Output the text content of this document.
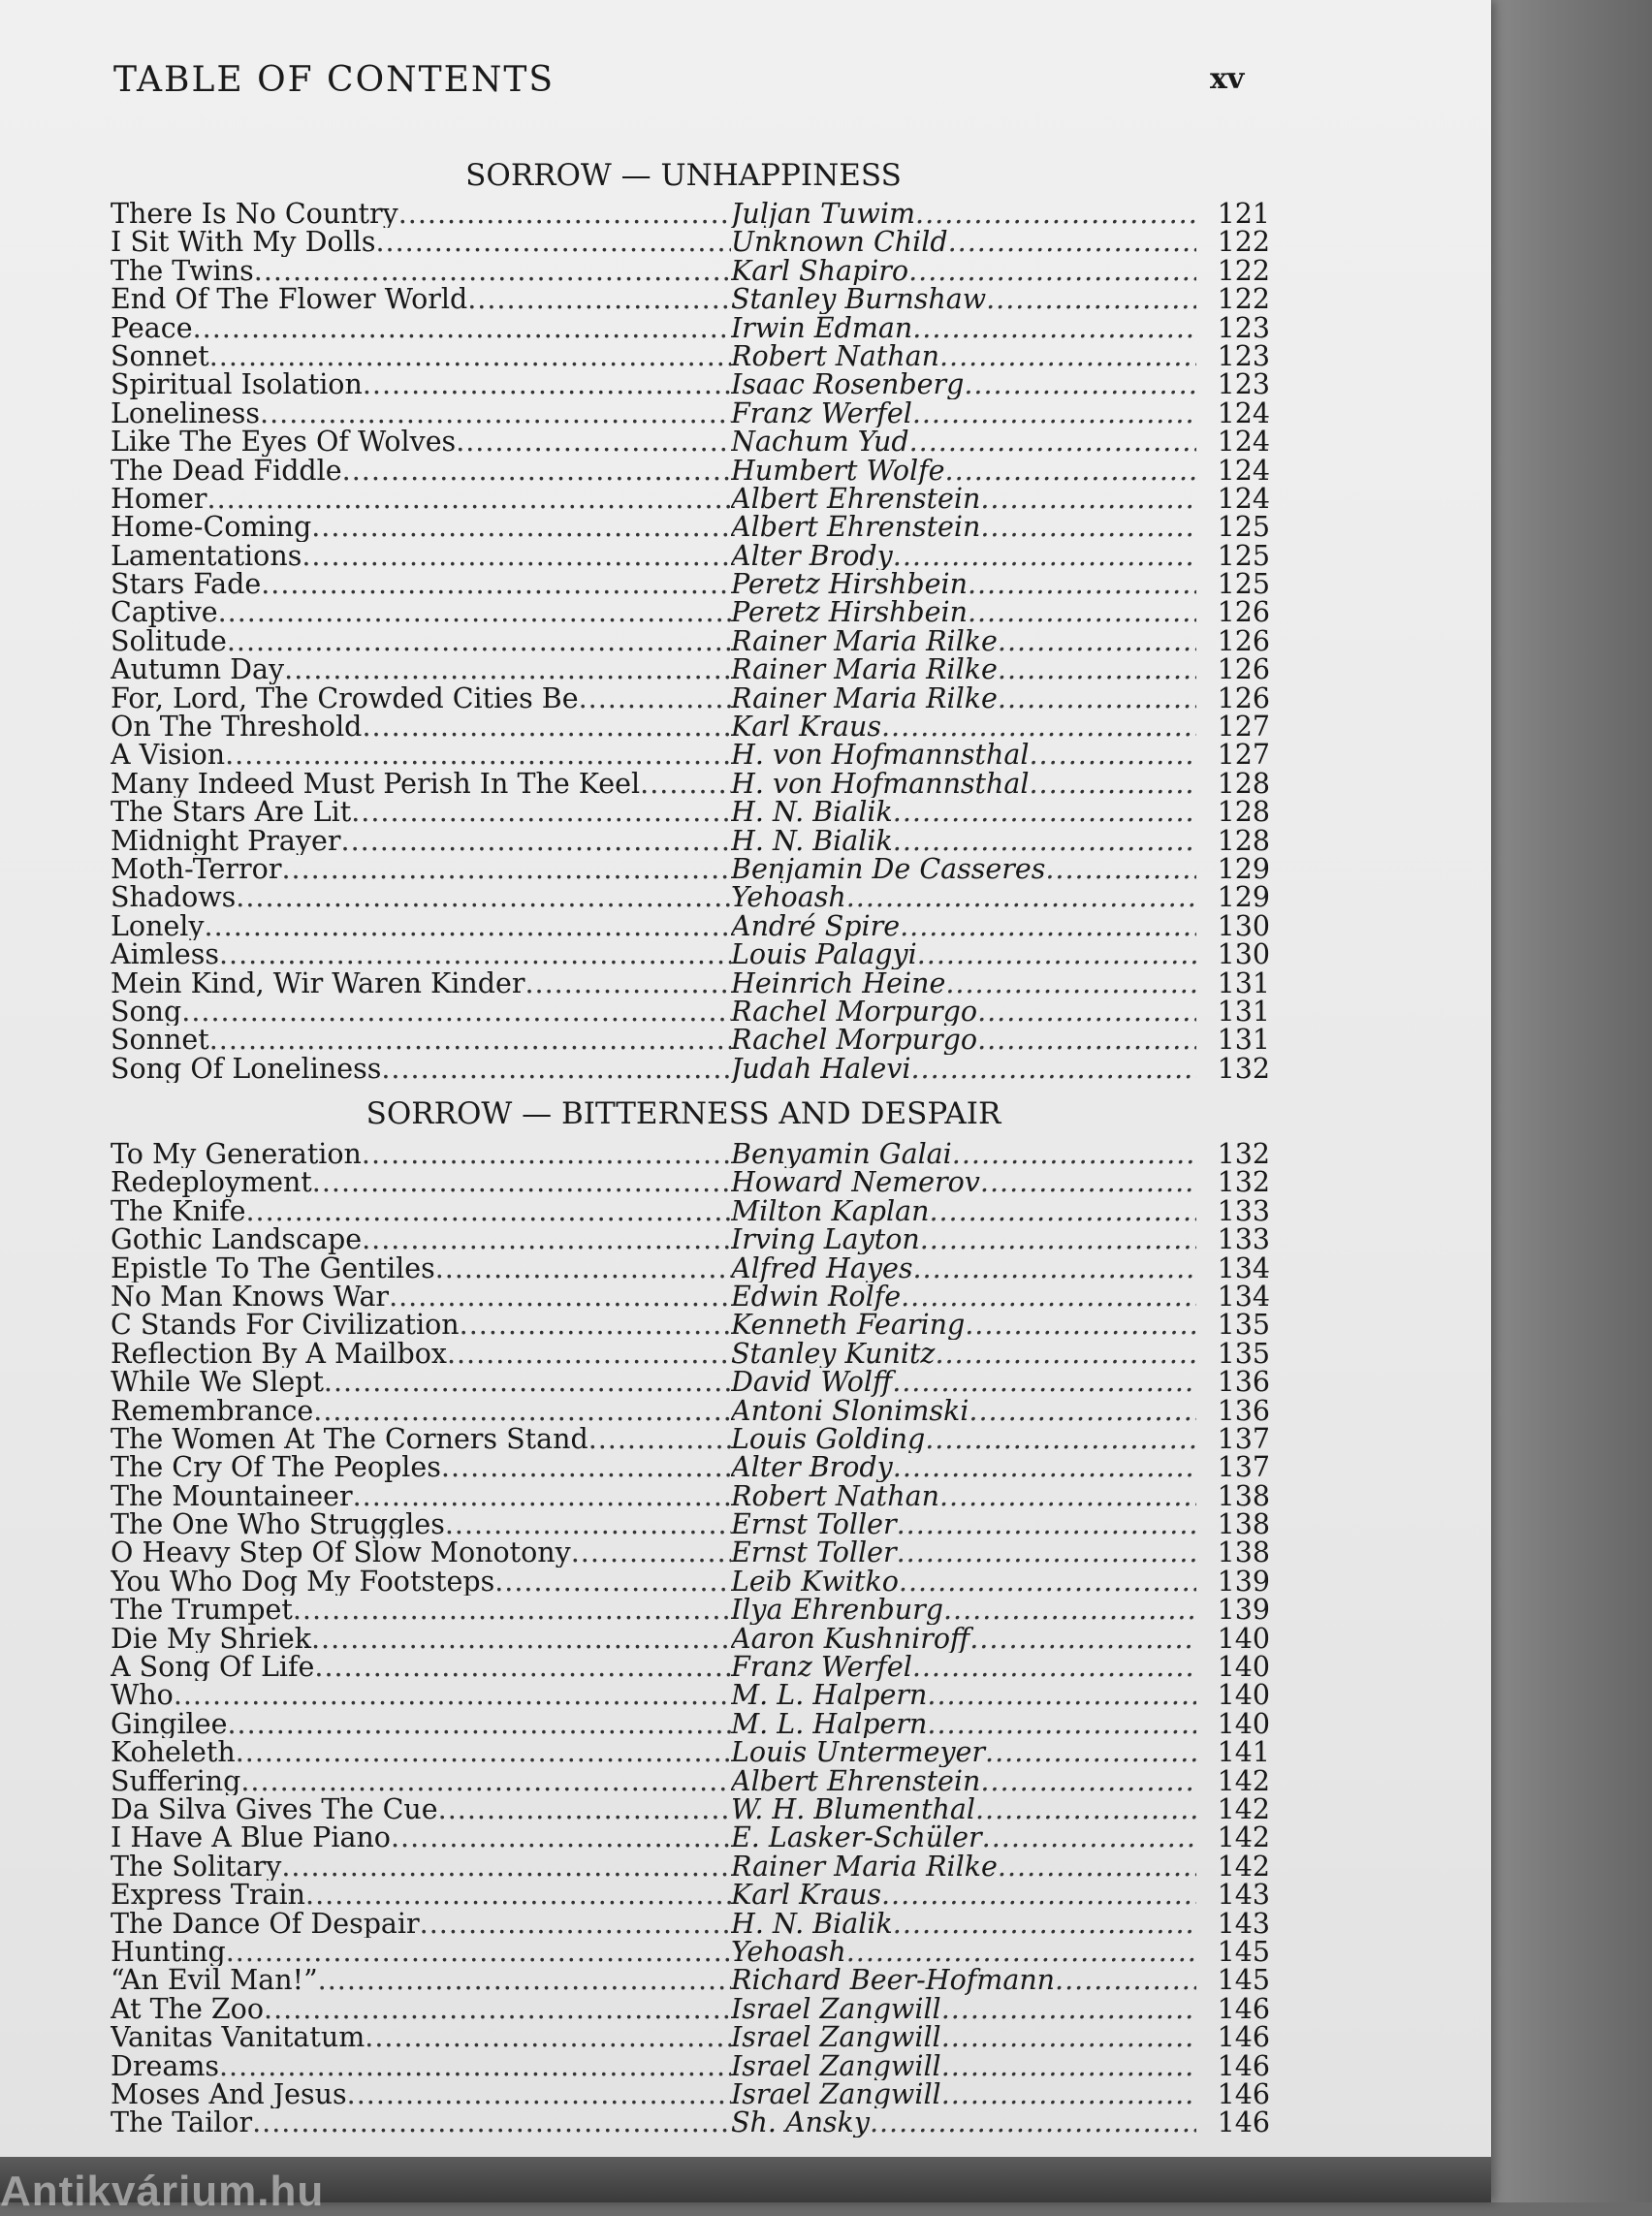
TABLE OF CONTENTS	xv
SORROW — UNHAPPINESS
There Is No Country .....	Juljan Tuwim .....	121
I Sit With My Dolls .....	Unknown Child .....	122
The Twins .....	Karl Shapiro .....	122
End Of The Flower World .....	Stanley Burnshaw .....	122
Peace .....	Irwin Edman .....	123
Sonnet .....	Robert Nathan .....	123
Spiritual Isolation .....	Isaac Rosenberg .....	123
Loneliness .....	Franz Werfel .....	124
Like The Eyes Of Wolves .....	Nachum Yud .....	124
The Dead Fiddle .....	Humbert Wolfe .....	124
Homer .....	Albert Ehrenstein .....	124
Home-Coming .....	Albert Ehrenstein .....	125
Lamentations .....	Alter Brody .....	125
Stars Fade .....	Peretz Hirshbein .....	125
Captive .....	Peretz Hirshbein .....	126
Solitude .....	Rainer Maria Rilke .....	126
Autumn Day .....	Rainer Maria Rilke .....	126
For, Lord, The Crowded Cities Be .....	Rainer Maria Rilke .....	126
On The Threshold .....	Karl Kraus .....	127
A Vision .....	H. von Hofmannsthal .....	127
Many Indeed Must Perish In The Keel .....	H. von Hofmannsthal .....	128
The Stars Are Lit .....	H. N. Bialik .....	128
Midnight Prayer .....	H. N. Bialik .....	128
Moth-Terror .....	Benjamin De Casseres .....	129
Shadows .....	Yehoash .....	129
Lonely .....	André Spire .....	130
Aimless .....	Louis Palagyi .....	130
Mein Kind, Wir Waren Kinder .....	Heinrich Heine .....	131
Song .....	Rachel Morpurgo .....	131
Sonnet .....	Rachel Morpurgo .....	131
Song Of Loneliness .....	Judah Halevi .....	132
SORROW — BITTERNESS AND DESPAIR
To My Generation .....	Benyamin Galai .....	132
Redeployment .....	Howard Nemerov .....	132
The Knife .....	Milton Kaplan .....	133
Gothic Landscape .....	Irving Layton .....	133
Epistle To The Gentiles .....	Alfred Hayes .....	134
No Man Knows War .....	Edwin Rolfe .....	134
C Stands For Civilization .....	Kenneth Fearing .....	135
Reflection By A Mailbox .....	Stanley Kunitz .....	135
While We Slept .....	David Wolff .....	136
Remembrance .....	Antoni Slonimski .....	136
The Women At The Corners Stand .....	Louis Golding .....	137
The Cry Of The Peoples .....	Alter Brody .....	137
The Mountaineer .....	Robert Nathan .....	138
The One Who Struggles .....	Ernst Toller .....	138
O Heavy Step Of Slow Monotony .....	Ernst Toller .....	138
You Who Dog My Footsteps .....	Leib Kwitko .....	139
The Trumpet .....	Ilya Ehrenburg .....	139
Die My Shriek .....	Aaron Kushniroff .....	140
A Song Of Life .....	Franz Werfel .....	140
Who .....	M. L. Halpern .....	140
Gingilee .....	M. L. Halpern .....	140
Koheleth .....	Louis Untermeyer .....	141
Suffering .....	Albert Ehrenstein .....	142
Da Silva Gives The Cue .....	W. H. Blumenthal .....	142
I Have A Blue Piano .....	E. Lasker-Schüler .....	142
The Solitary .....	Rainer Maria Rilke .....	142
Express Train .....	Karl Kraus .....	143
The Dance Of Despair .....	H. N. Bialik .....	143
Hunting .....	Yehoash .....	145
“An Evil Man!” .....	Richard Beer-Hofmann .....	145
At The Zoo .....	Israel Zangwill .....	146
Vanitas Vanitatum .....	Israel Zangwill .....	146
Dreams .....	Israel Zangwill .....	146
Moses And Jesus .....	Israel Zangwill .....	146
The Tailor .....	Sh. Ansky .....	146
Antikvárium.hu
